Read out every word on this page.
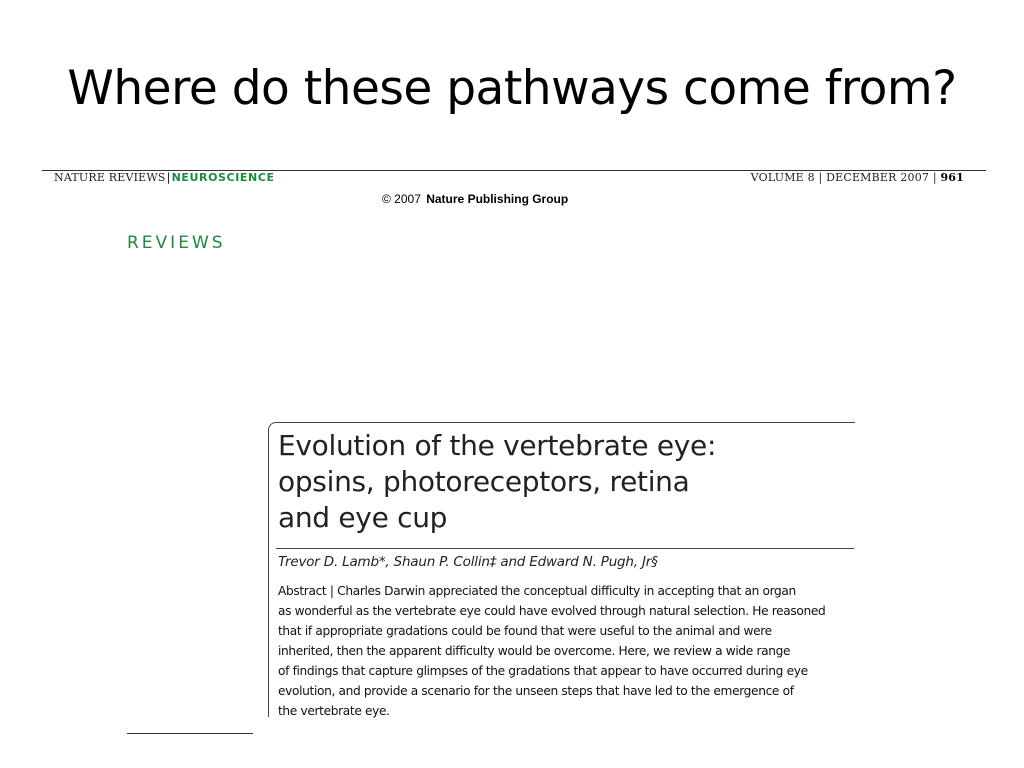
Where do these pathways come from?
NATURE REVIEWS|NEUROSCIENCE	VOLUME 8 | DECEMBER 2007 | 961
© 2007 Nature Publishing Group
REVIEWS
Evolution of the vertebrate eye:
opsins, photoreceptors, retina
and eye cup
Trevor D. Lamb*, Shaun P. Collin‡ and Edward N. Pugh, Jr§
Abstract | Charles Darwin appreciated the conceptual difficulty in accepting that an organ
as wonderful as the vertebrate eye could have evolved through natural selection. He reasoned
that if appropriate gradations could be found that were useful to the animal and were
inherited, then the apparent difficulty would be overcome. Here, we review a wide range
of findings that capture glimpses of the gradations that appear to have occurred during eye
evolution, and provide a scenario for the unseen steps that have led to the emergence of
the vertebrate eye.
